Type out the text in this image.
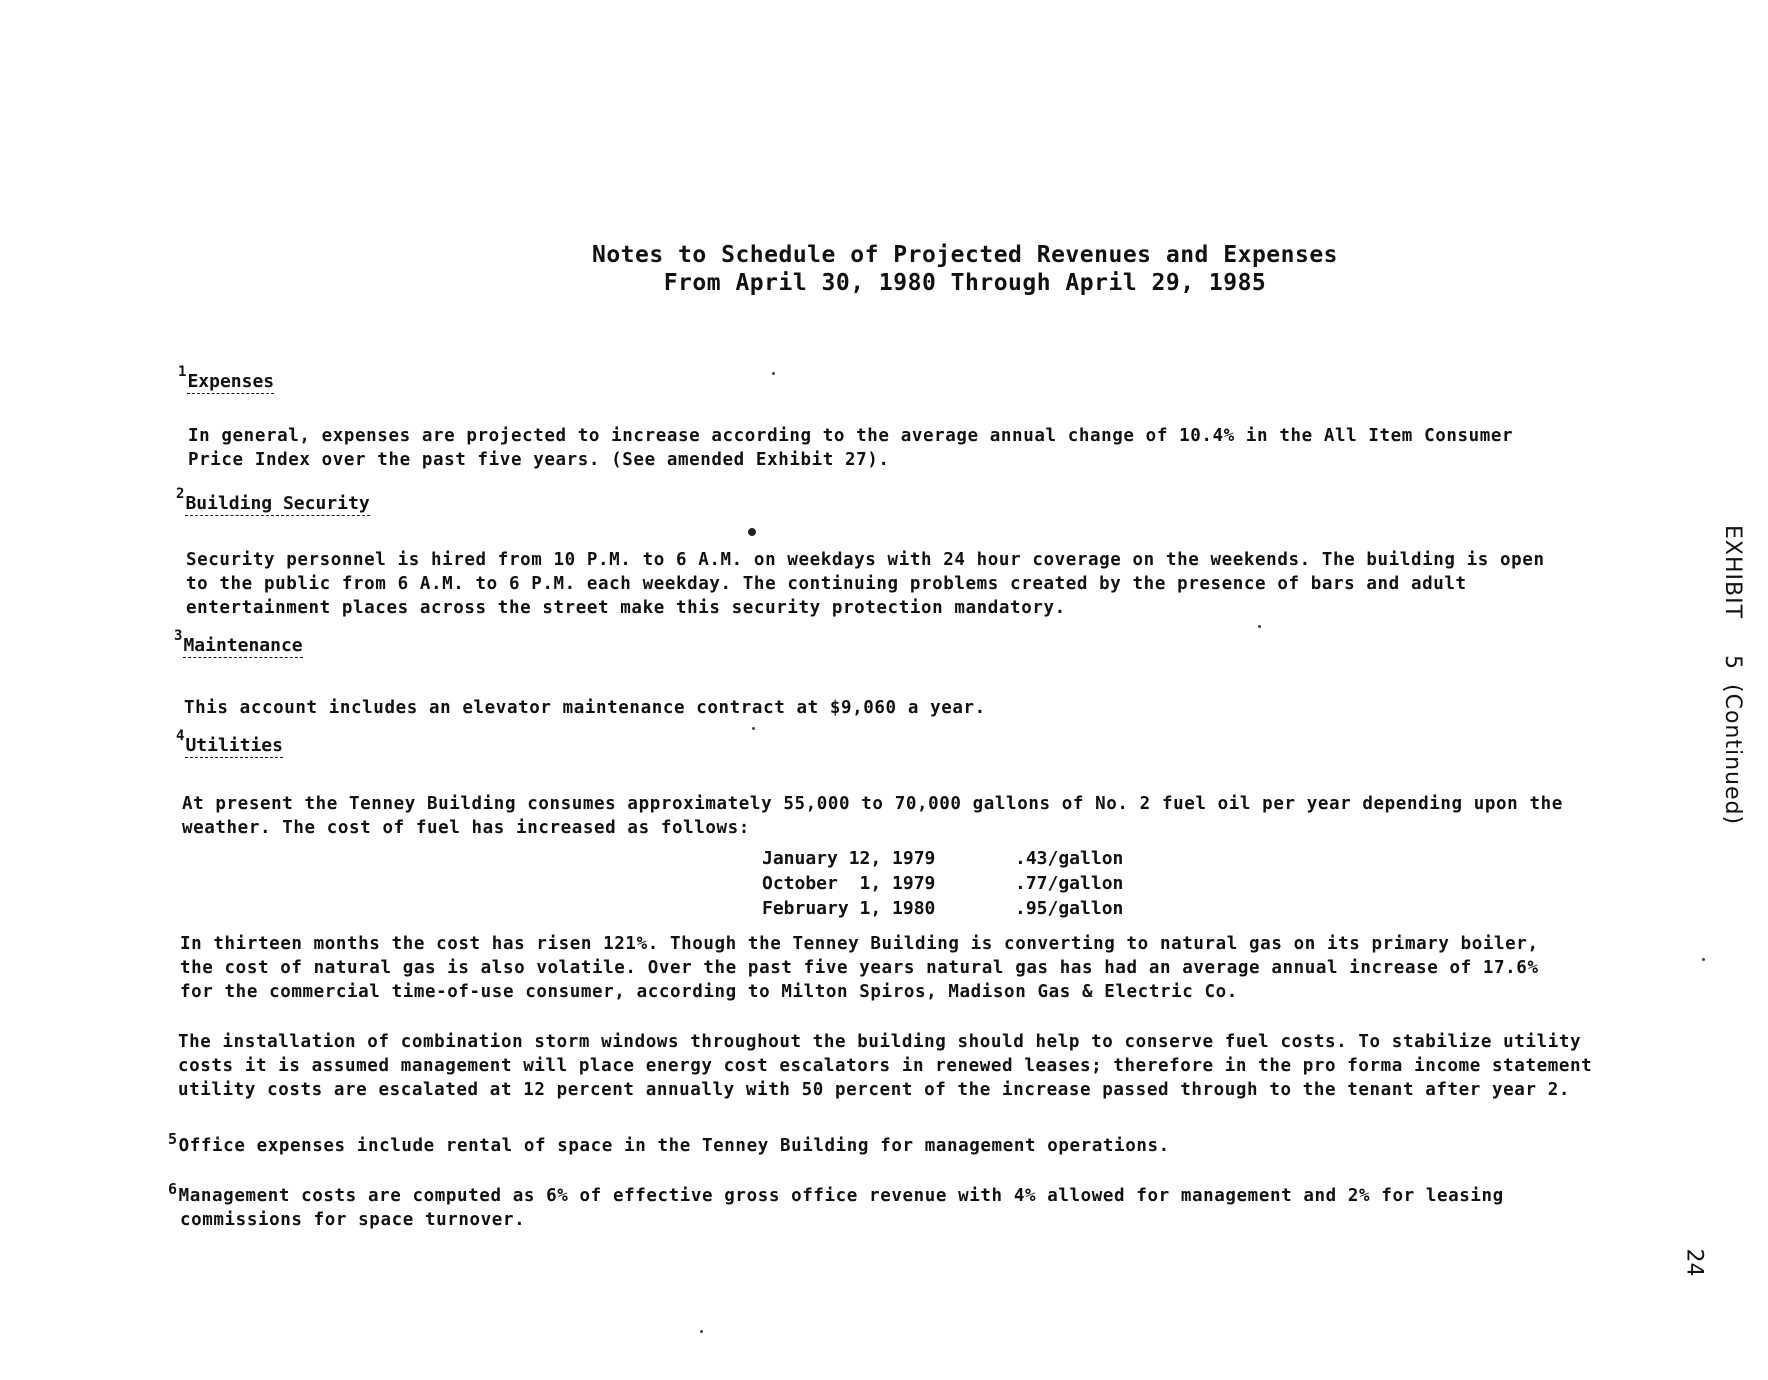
Notes to Schedule of Projected Revenues and Expenses
From April 30, 1980 Through April 29, 1985
$^1$Expenses
In general, expenses are projected to increase according to the average annual change of 10.4% in the All Item Consumer
Price Index over the past five years. (See amended Exhibit 27).
$^2$Building Security
Security personnel is hired from 10 P.M. to 6 A.M. on weekdays with 24 hour coverage on the weekends. The building is open
to the public from 6 A.M. to 6 P.M. each weekday. The continuing problems created by the presence of bars and adult
entertainment places across the street make this security protection mandatory.
$^3$Maintenance
This account includes an elevator maintenance contract at $9,060 a year.
$^4$Utilities
At present the Tenney Building consumes approximately 55,000 to 70,000 gallons of No. 2 fuel oil per year depending upon the
weather. The cost of fuel has increased as follows:
January 12, 1979	.43/gallon
October  1, 1979	.77/gallon
February 1, 1980	.95/gallon
In thirteen months the cost has risen 121%. Though the Tenney Building is converting to natural gas on its primary boiler,
the cost of natural gas is also volatile. Over the past five years natural gas has had an average annual increase of 17.6%
for the commercial time-of-use consumer, according to Milton Spiros, Madison Gas & Electric Co.
The installation of combination storm windows throughout the building should help to conserve fuel costs. To stabilize utility
costs it is assumed management will place energy cost escalators in renewed leases; therefore in the pro forma income statement
utility costs are escalated at 12 percent annually with 50 percent of the increase passed through to the tenant after year 2.
5Office expenses include rental of space in the Tenney Building for management operations.
6Management costs are computed as 6% of effective gross office revenue with 4% allowed for management and 2% for leasing
commissions for space turnover.
EXHIBIT5(Continued)
24
